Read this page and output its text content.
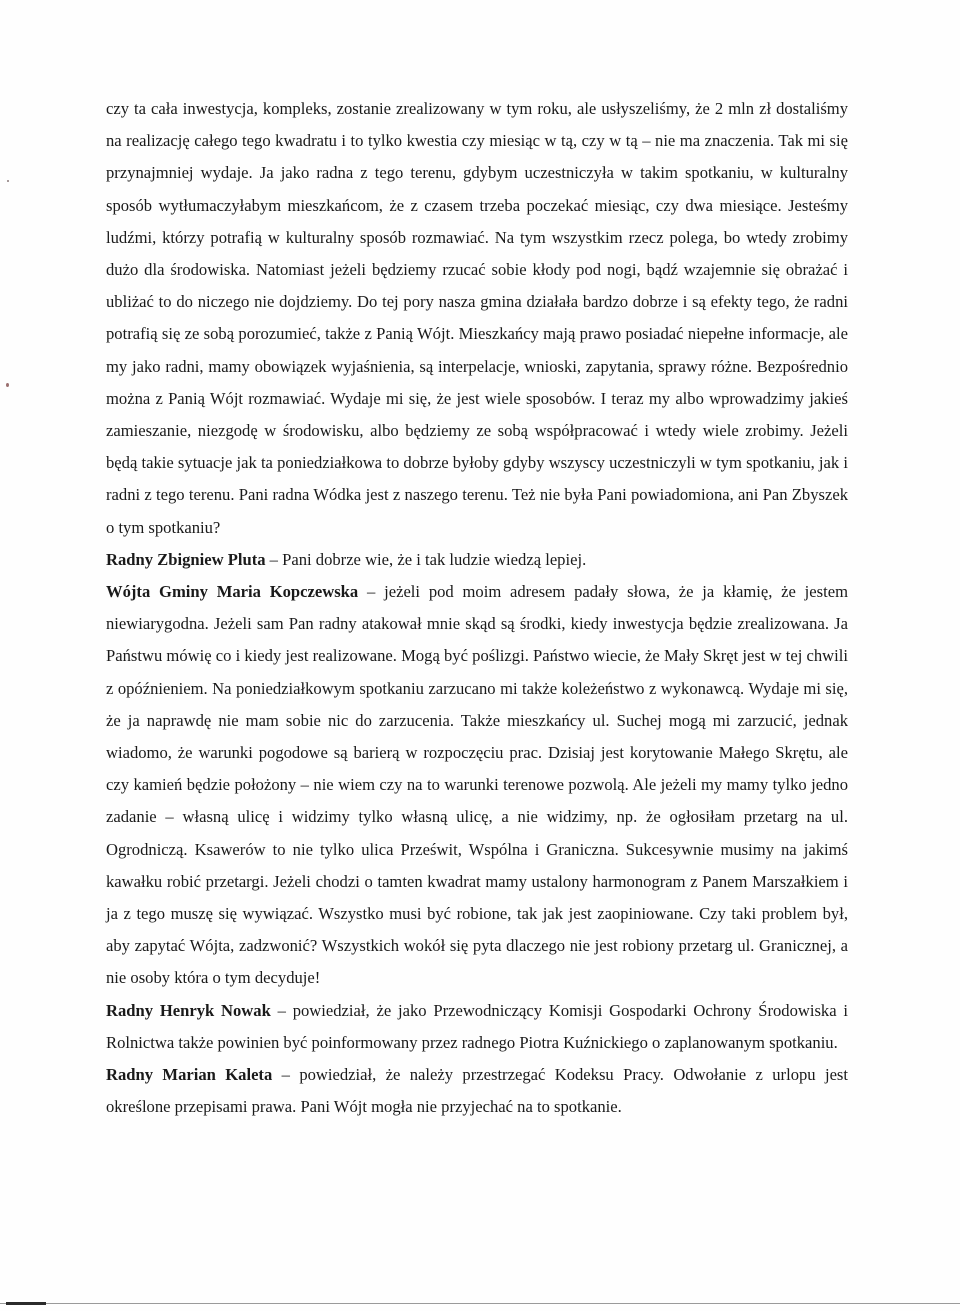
czy ta cała inwestycja, kompleks, zostanie zrealizowany w tym roku, ale usłyszeliśmy, że 2 mln zł dostaliśmy na realizację całego tego kwadratu i to tylko kwestia czy miesiąc w tą, czy w tą – nie ma znaczenia. Tak mi się przynajmniej wydaje. Ja jako radna z tego terenu, gdybym uczestniczyła w takim spotkaniu, w kulturalny sposób wytłumaczyłabym mieszkańcom, że z czasem trzeba poczekać miesiąc, czy dwa miesiące. Jesteśmy ludźmi, którzy potrafią w kulturalny sposób rozmawiać. Na tym wszystkim rzecz polega, bo wtedy zrobimy dużo dla środowiska. Natomiast jeżeli będziemy rzucać sobie kłody pod nogi, bądź wzajemnie się obrażać i ubliżać to do niczego nie dojdziemy. Do tej pory nasza gmina działała bardzo dobrze i są efekty tego, że radni potrafią się ze sobą porozumieć, także z Panią Wójt. Mieszkańcy mają prawo posiadać niepełne informacje, ale my jako radni, mamy obowiązek wyjaśnienia, są interpelacje, wnioski, zapytania, sprawy różne. Bezpośrednio można z Panią Wójt rozmawiać. Wydaje mi się, że jest wiele sposobów. I teraz my albo wprowadzimy jakieś zamieszanie, niezgodę w środowisku, albo będziemy ze sobą współpracować i wtedy wiele zrobimy. Jeżeli będą takie sytuacje jak ta poniedziałkowa to dobrze byłoby gdyby wszyscy uczestniczyli w tym spotkaniu, jak i radni z tego terenu. Pani radna Wódka jest z naszego terenu. Też nie była Pani powiadomiona, ani Pan Zbyszek o tym spotkaniu?

Radny Zbigniew Pluta – Pani dobrze wie, że i tak ludzie wiedzą lepiej.

Wójta Gminy Maria Kopczewska – jeżeli pod moim adresem padały słowa, że ja kłamię, że jestem niewiarygodna. Jeżeli sam Pan radny atakował mnie skąd są środki, kiedy inwestycja będzie zrealizowana. Ja Państwu mówię co i kiedy jest realizowane. Mogą być poślizgi. Państwo wiecie, że Mały Skręt jest w tej chwili z opóźnieniem. Na poniedziałkowym spotkaniu zarzucano mi także koleżeństwo z wykonawcą. Wydaje mi się, że ja naprawdę nie mam sobie nic do zarzucenia. Także mieszkańcy ul. Suchej mogą mi zarzucić, jednak wiadomo, że warunki pogodowe są barierą w rozpoczęciu prac. Dzisiaj jest korytowanie Małego Skrętu, ale czy kamień będzie położony – nie wiem czy na to warunki terenowe pozwolą. Ale jeżeli my mamy tylko jedno zadanie – własną ulicę i widzimy tylko własną ulicę, a nie widzimy, np. że ogłosiłam przetarg na ul. Ogrodniczą. Ksawerów to nie tylko ulica Prześwit, Wspólna i Graniczna. Sukcesywnie musimy na jakimś kawałku robić przetargi. Jeżeli chodzi o tamten kwadrat mamy ustalony harmonogram z Panem Marszałkiem i ja z tego muszę się wywiązać. Wszystko musi być robione, tak jak jest zaopiniowane. Czy taki problem był, aby zapytać Wójta, zadzwonić? Wszystkich wokół się pyta dlaczego nie jest robiony przetarg ul. Granicznej, a nie osoby która o tym decyduje!

Radny Henryk Nowak – powiedział, że jako Przewodniczący Komisji Gospodarki Ochrony Środowiska i Rolnictwa także powinien być poinformowany przez radnego Piotra Kuźnickiego o zaplanowanym spotkaniu.

Radny Marian Kaleta – powiedział, że należy przestrzegać Kodeksu Pracy. Odwołanie z urlopu jest określone przepisami prawa. Pani Wójt mogła nie przyjechać na to spotkanie.
